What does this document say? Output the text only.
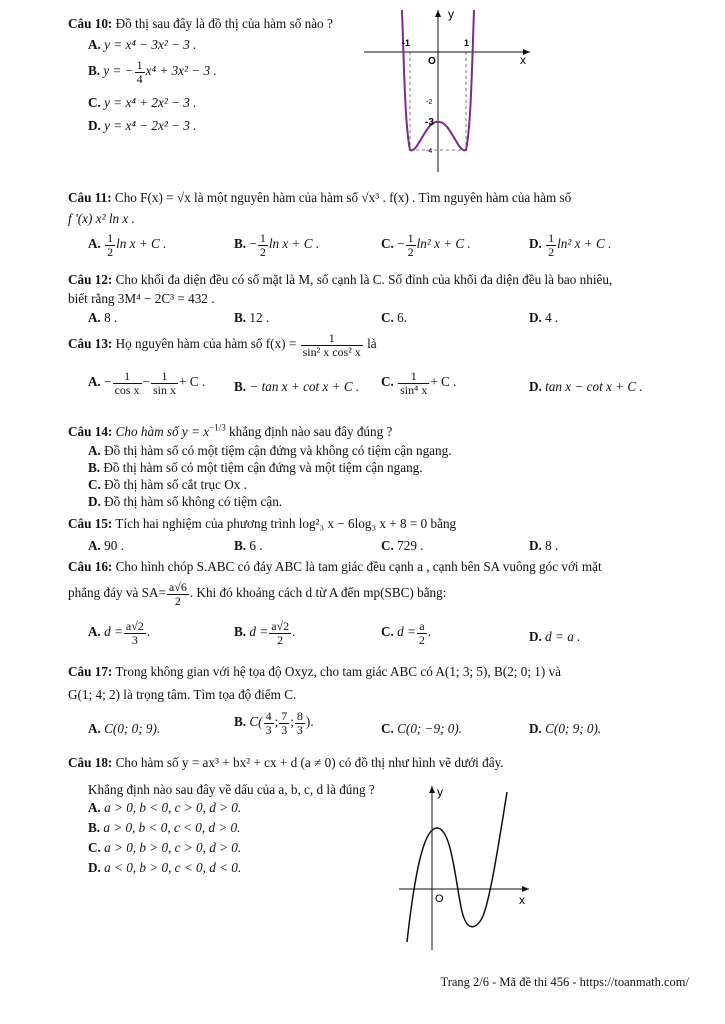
Câu 10: Đồ thị sau đây là đồ thị của hàm số nào ?
A. y = x⁴ − 3x² − 3 .
B. y = − $\frac{1}{4} x^4 + 3x^2 - 3$ .
C. y = x⁴ + 2x² − 3 .
D. y = x⁴ − 2x² − 3 .
y
x
-1	1
O
-2
-3
-4
Câu 11: Cho F(x) = √x là một nguyên hàm của hàm số √x³ . f(x) . Tìm nguyên hàm của hàm số
f '(x) x² ln x .
A. $\frac{1}{2}$ ln x + C .	B. − $\frac{1}{2}$ ln x + C .	C. − $\frac{1}{2} \ln^2$ x + C .	D. $\frac{1}{2} \ln^2$ x + C .
Câu 12: Cho khối đa diện đều có số mặt là M, số cạnh là C. Số đỉnh của khối đa diện đều là bao nhiêu,
biết rằng 3M⁴ − 2C³ = 432 .
A. 8 .	B. 12 .	C. 6.	D. 4 .
Câu 13: Họ nguyên hàm của hàm số $f(x) = \frac{1}{\text{sin² x cos² x}}$ là
A. − $\frac{1}{\text{cos x}} - \frac{1}{\text{sin x}} + C$ . B. − tan x + cot x + C . C. $\frac{1}{\text{sin⁴ x}} + C$ .	D. tan x − cot x + C .
Câu 14: Cho hàm số $y = x^{-1/3}$ khẳng định nào sau đây đúng ?
A. Đồ thị hàm số có một tiệm cận đứng và không có tiệm cận ngang.
B. Đồ thị hàm số có một tiệm cận đứng và một tiệm cận ngang.
C. Đồ thị hàm số cắt trục Ox .
D. Đồ thị hàm số không có tiệm cận.
Câu 15: Tích hai nghiệm của phương trình log²₃ x − 6log₃ x + 8 = 0 bằng
A. 90 .	B. 6 .	C. 729 .	D. 8 .
Câu 16: Cho hình chóp S.ABC có đáy ABC là tam giác đều cạnh a , cạnh bên SA vuông góc với mặt
phẳng đáy và $SA= \frac{a√6}{2}$ . Khi đó khoảng cách d từ A đến mp(SBC) bằng:
A. $d = \frac{a√2}{3}$ .	B. $d = \frac{a√2}{2}$ .	C. $d = \frac{a}{2}$ .	D. d = a .
Câu 17: Trong không gian với hệ tọa độ Oxyz, cho tam giác ABC có A(1; 3; 5), B(2; 0; 1) và
G(1; 4; 2) là trọng tâm. Tìm tọa độ điểm C.
A. C(0; 0; 9).	B. $C( \frac{4}{3}$ ; $\frac{7}{3}$ ; $\frac{8}{3}$ ).	C. C(0; −9; 0).	D. C(0; 9; 0).
Câu 18: Cho hàm số y = ax³ + bx² + cx + d (a ≠ 0) có đồ thị như hình vẽ dưới đây.
Khẳng định nào sau đây về dấu của a, b, c, d là đúng ?
A. a > 0, b < 0, c > 0, d > 0.
B. a > 0, b < 0, c < 0, d > 0.
C. a > 0, b > 0, c > 0, d > 0.
D. a < 0, b > 0, c < 0, d < 0.
y
x
O
Trang 2/6 - Mã đề thi 456 - https://toanmath.com/
